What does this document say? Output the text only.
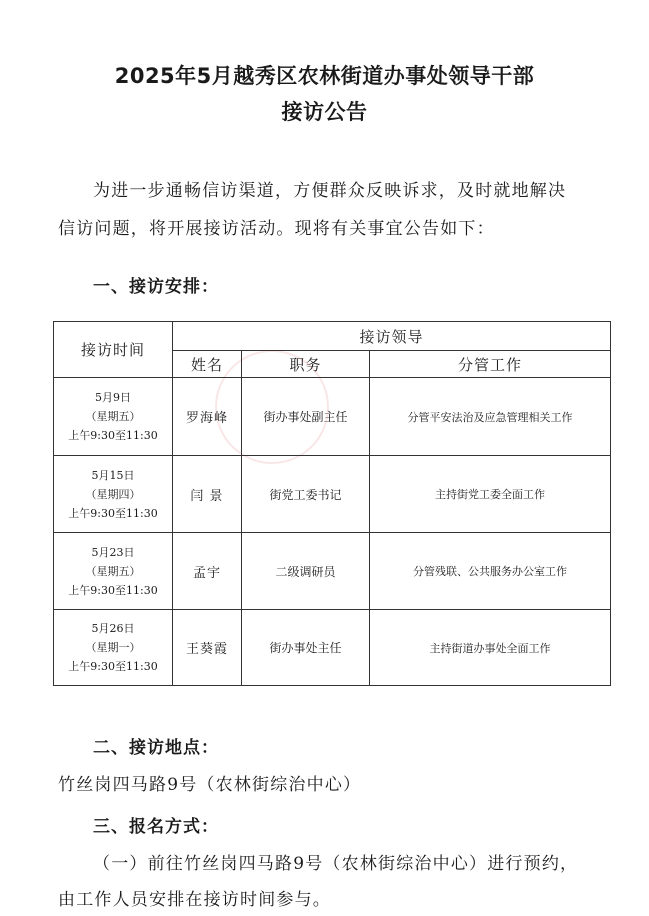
2025年5月越秀区农林街道办事处领导干部
接访公告
为进一步通畅信访渠道，方便群众反映诉求，及时就地解决
信访问题，将开展接访活动。现将有关事宜公告如下：
一、接访安排：
接访时间	接访领导		
	姓名	职务	分管工作

5月9日
（星期五）
上午9:30至11:30	罗海峰	街办事处副主任	分管平安法治及应急管理相关工作

5月15日
（星期四）
上午9:30至11:30	闫 景	街党工委书记	主持街党工委全面工作

5月23日
（星期五）
上午9:30至11:30	孟宇	二级调研员	分管残联、公共服务办公室工作

5月26日
（星期一）
上午9:30至11:30	王葵霞	街办事处主任	主持街道办事处全面工作
二、接访地点：
竹丝岗四马路9号（农林街综治中心）
三、报名方式：
（一）前往竹丝岗四马路9号（农林街综治中心）进行预约，
由工作人员安排在接访时间参与。
